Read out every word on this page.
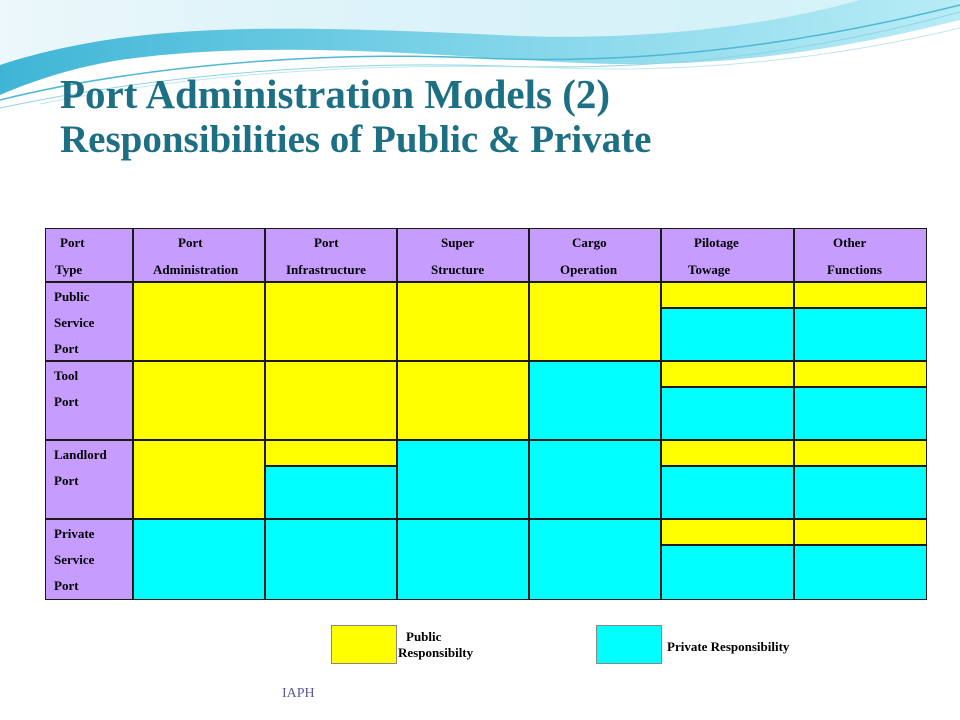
Port Administration Models (2)
Responsibilities of Public & Private
Port
Type
Port
Administration
Port
Infrastructure
Super
Structure
Cargo
Operation
Pilotage
Towage
Other
Functions
Public
Service
Port
Tool
Port
Landlord
Port
Private
Service
Port
Public
Responsibilty	Private Responsibility
IAPH
